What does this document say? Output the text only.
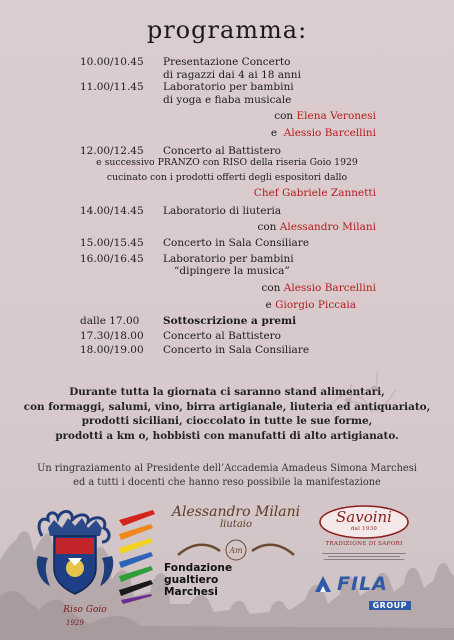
programma:
10.00/10.45 Presentazione Concerto
di ragazzi dai 4 ai 18 anni
11.00/11.45 Laboratorio per bambini
di yoga e fiaba musicale
con Elena Veronesi
e Alessio Barcellini
12.00/12.45 Concerto al Battistero
e successivo PRANZO con RISO della riseria Goio 1929
cucinato con i prodotti offerti degli espositori dallo
Chef Gabriele Zannetti
14.00/14.45 Laboratorio di liuteria
con Alessandro Milani
15.00/15.45 Concerto in Sala Consiliare
16.00/16.45 Laboratorio per bambini
“dipingere la musica”
con Alessio Barcellini
e Giorgio Piccaia
dalle 17.00 Sottoscrizione a premi
17.30/18.00 Concerto al Battistero
18.00/19.00 Concerto in Sala Consiliare
Durante tutta la giornata ci saranno stand alimentari,
con formaggi, salumi, vino, birra artigianale, liuteria ed antiquariato,
prodotti siciliani, cioccolato in tutte le sue forme,
prodotti a km o, hobbisti con manufatti di alto artigianato.
Un ringraziamento al Presidente dell’Accademia Amadeus Simona Marchesi
ed a tutti i docenti che hanno reso possibile la manifestazione
Riso Goio
1929
Fondazione
gualtiero
Marchesi
Alessandro Milani
liutaio
Am
Savoini
dal 1930
TRADIZIONE DI SAPORI
FILA
GROUP
